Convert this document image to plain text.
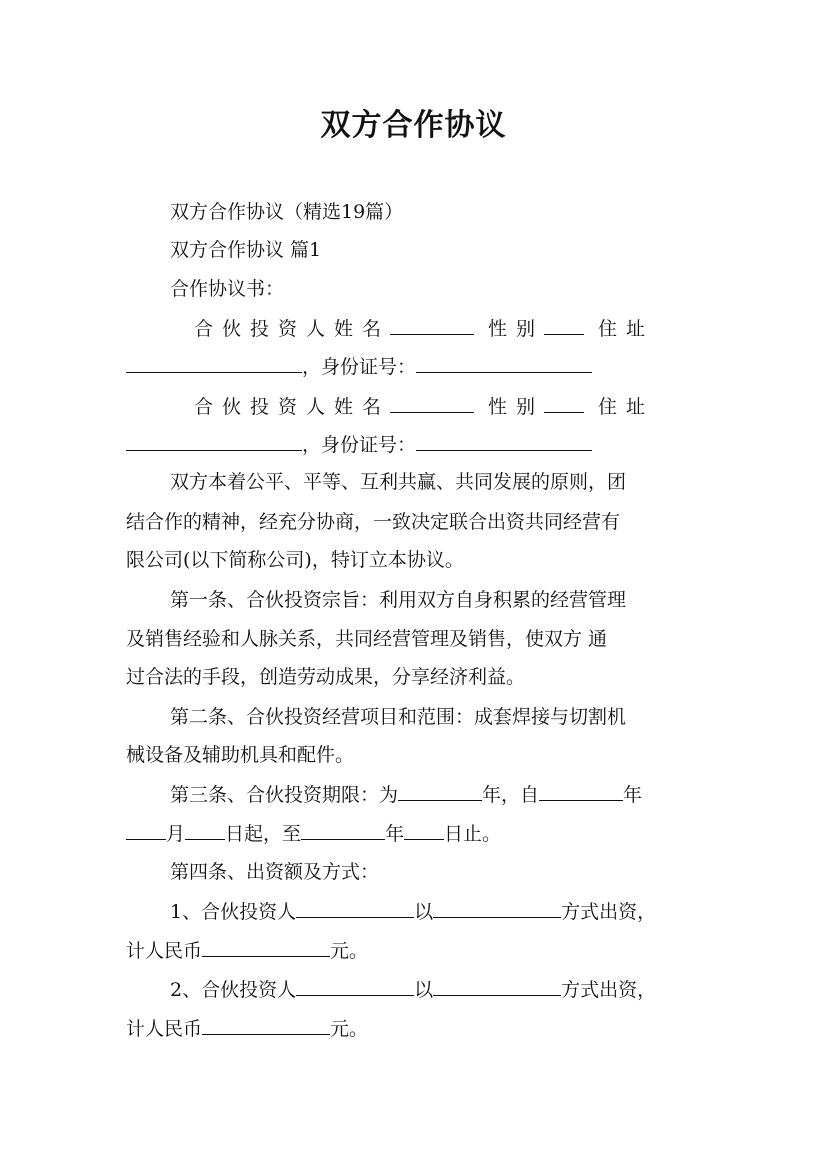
双方合作协议
双方合作协议（精选19篇）
双方合作协议 篇1
合作协议书：
合伙投资人姓名	性别	住址
，身份证号：
合伙投资人姓名	性别	住址
，身份证号：
双方本着公平、平等、互利共赢、共同发展的原则，团
结合作的精神，经充分协商，一致决定联合出资共同经营有
限公司(以下简称公司)，特订立本协议。
第一条、合伙投资宗旨：利用双方自身积累的经营管理
及销售经验和人脉关系，共同经营管理及销售，使双方 通
过合法的手段，创造劳动成果，分享经济利益。
第二条、合伙投资经营项目和范围：成套焊接与切割机
械设备及辅助机具和配件。
第三条、合伙投资期限：为	年，自	年
月 日起，至	年 日止。
第四条、出资额及方式：
1、合伙投资人	以	方式出资，
计人民币	元。
2、合伙投资人	以	方式出资，
计人民币	元。
